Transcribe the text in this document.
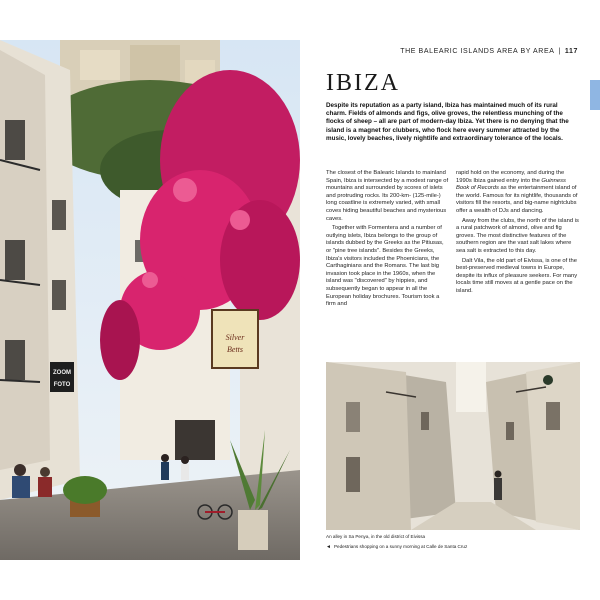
Silver
Betts
ZOOM
FOTO
THE BALEARIC ISLANDS AREA BY AREA | 117
IBIZA

Despite its reputation as a party island, Ibiza has maintained much of its rural charm. Fields of almonds and figs, olive groves, the relentless munching of the flocks of sheep – all are part of modern-day Ibiza. Yet there is no denying that the island is a magnet for clubbers, who flock here every summer attracted by the music, lovely beaches, lively nightlife and extraordinary tolerance of the locals.

The closest of the Balearic Islands to mainland Spain, Ibiza is intersected by a modest range of mountains and surrounded by scores of islets and protruding rocks. Its 200-km- (125-mile-) long coastline is extremely varied, with small coves hiding beautiful beaches and mysterious caves.

Together with Formentera and a number of outlying islets, Ibiza belongs to the group of islands dubbed by the Greeks as the Pitiusas, or "pine tree islands". Besides the Greeks, Ibiza's visitors included the Phoenicians, the Carthaginians and the Romans. The last big invasion took place in the 1960s, when the island was "discovered" by hippies, and subsequently began to appear in all the European holiday brochures. Tourism took a firm and

rapid hold on the economy, and during the 1990s Ibiza gained entry into the Guinness Book of Records as the entertainment island of the world. Famous for its nightlife, thousands of visitors fill the resorts, and big-name nightclubs offer a wealth of DJs and dancing.

Away from the clubs, the north of the island is a rural patchwork of almond, olive and fig groves. The most distinctive features of the southern region are the vast salt lakes where sea salt is extracted to this day.

Dalt Vila, the old part of Eivissa, is one of the best-preserved medieval towns in Europe, despite its influx of pleasure seekers. For many locals time still moves at a gentle pace on the island.

An alley in Sa Penya, in the old district of Eivissa
◄ Pedestrians shopping on a sunny morning at Calle de Santa Cruz
